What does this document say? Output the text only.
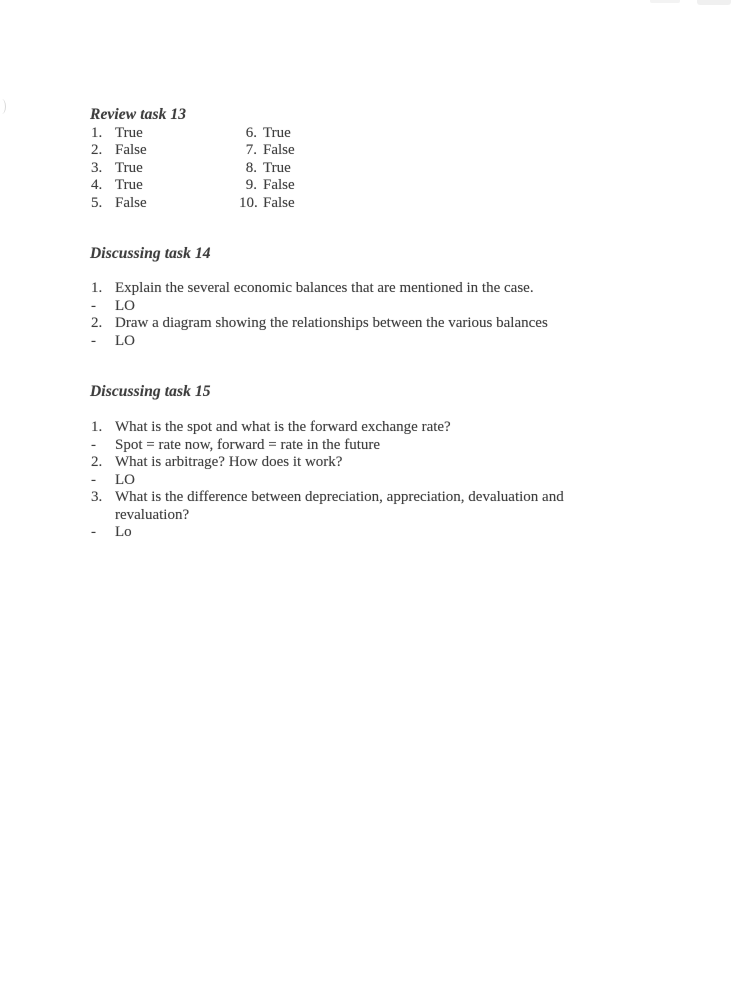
Review task 13
1. True
2. False
3. True
4. True
5. False
6. True
7. False
8. True
9. False
10. False
Discussing task 14
1. Explain the several economic balances that are mentioned in the case.
- LO
2. Draw a diagram showing the relationships between the various balances
- LO
Discussing task 15
1. What is the spot and what is the forward exchange rate?
- Spot = rate now, forward = rate in the future
2. What is arbitrage? How does it work?
- LO
3. What is the difference between depreciation, appreciation, devaluation and
revaluation?
- Lo
